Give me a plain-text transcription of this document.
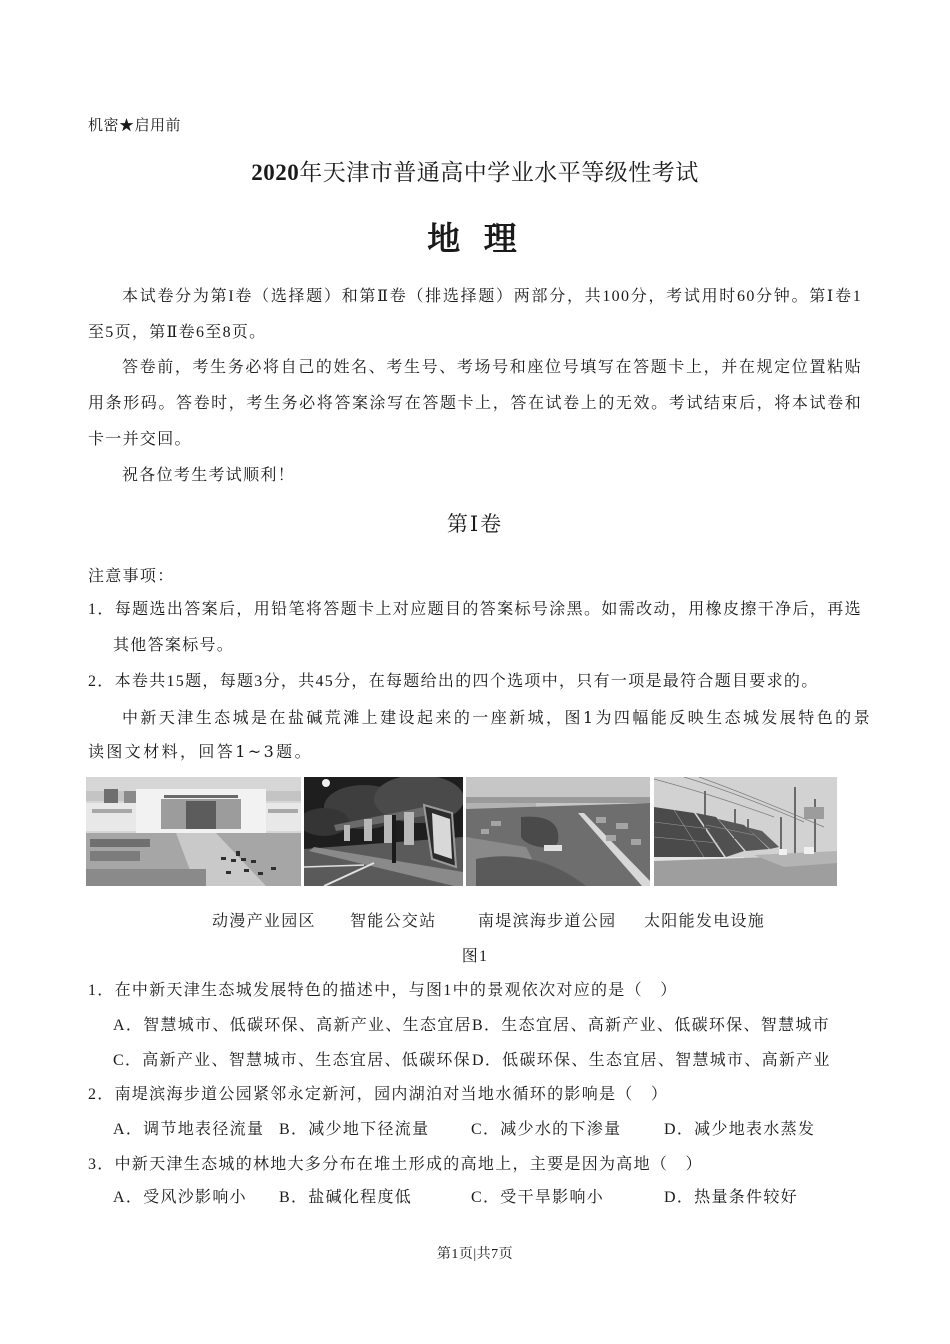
机密★启用前
2020年天津市普通高中学业水平等级性考试
地 理
本试卷分为第I卷（选择题）和第Ⅱ卷（排选择题）两部分，共100分，考试用时60分钟。第Ⅰ卷1
至5页，第Ⅱ卷6至8页。
答卷前，考生务必将自己的姓名、考生号、考场号和座位号填写在答题卡上，并在规定位置粘贴
用条形码。答卷时，考生务必将答案涂写在答题卡上，答在试卷上的无效。考试结束后，将本试卷和
卡一并交回。
祝各位考生考试顺利！
第Ⅰ卷
注意事项：
1．每题选出答案后，用铅笔将答题卡上对应题目的答案标号涂黑。如需改动，用橡皮擦干净后，再选
其他答案标号。
2．本卷共15题，每题3分，共45分，在每题给出的四个选项中，只有一项是最符合题目要求的。
中新天津生态城是在盐碱荒滩上建设起来的一座新城，图1为四幅能反映生态城发展特色的景
读图文材料，回答1~3题。
动漫产业园区 智能公交站	南堤滨海步道公园 太阳能发电设施
图1
1．在中新天津生态城发展特色的描述中，与图1中的景观依次对应的是（　）
A．智慧城市、低碳环保、高新产业、生态宜居 B．生态宜居、高新产业、低碳环保、智慧城市
C．高新产业、智慧城市、生态宜居、低碳环保 D．低碳环保、生态宜居、智慧城市、高新产业
2．南堤滨海步道公园紧邻永定新河，园内湖泊对当地水循环的影响是（　）
A．调节地表径流量 B．减少地下径流量	C．减少水的下渗量	D．减少地表水蒸发
3．中新天津生态城的林地大多分布在堆土形成的高地上，主要是因为高地（　）
A．受风沙影响小 B．盐碱化程度低	C．受干旱影响小	D．热量条件较好
第1页|共7页
